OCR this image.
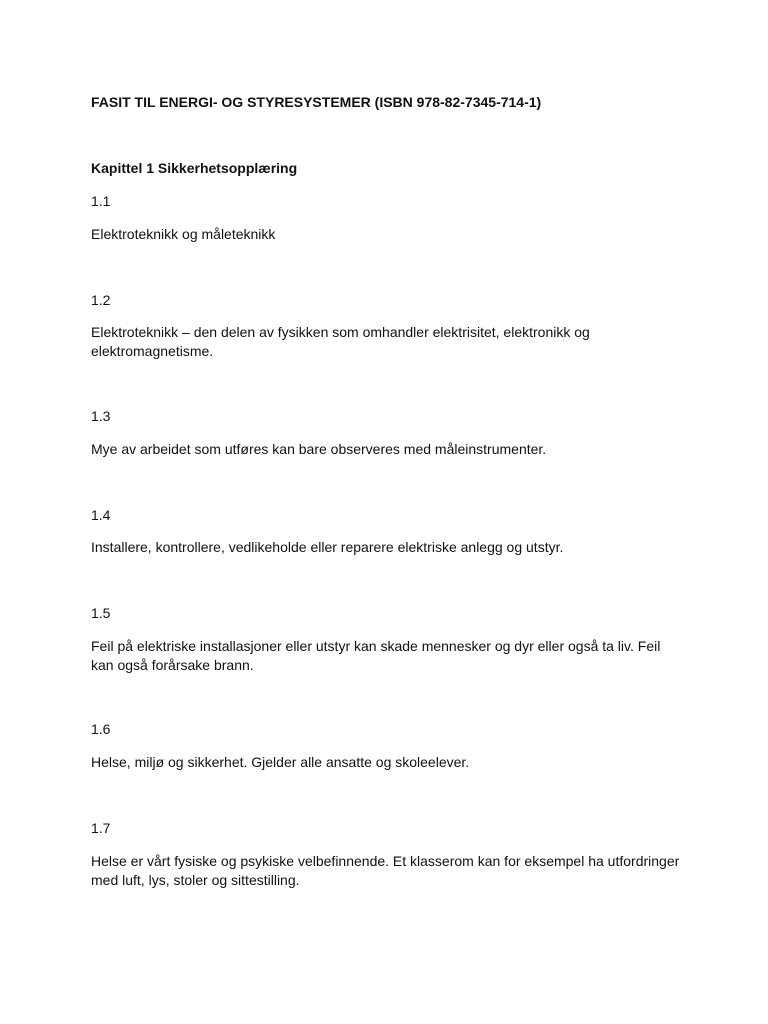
FASIT TIL ENERGI- OG STYRESYSTEMER (ISBN 978-82-7345-714-1)

Kapittel 1 Sikkerhetsopplæring

1.1

Elektroteknikk og måleteknikk

1.2

Elektroteknikk – den delen av fysikken som omhandler elektrisitet, elektronikk og elektromagnetisme.

1.3

Mye av arbeidet som utføres kan bare observeres med måleinstrumenter.

1.4

Installere, kontrollere, vedlikeholde eller reparere elektriske anlegg og utstyr.

1.5

Feil på elektriske installasjoner eller utstyr kan skade mennesker og dyr eller også ta liv. Feil kan også forårsake brann.

1.6

Helse, miljø og sikkerhet. Gjelder alle ansatte og skoleelever.

1.7

Helse er vårt fysiske og psykiske velbefinnende. Et klasserom kan for eksempel ha utfordringer med luft, lys, stoler og sittestilling.
